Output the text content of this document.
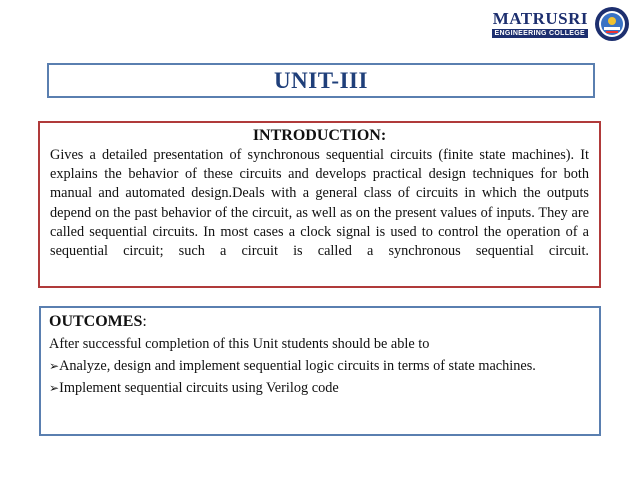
MATRUSRI
ENGINEERING COLLEGE
UNIT-III
INTRODUCTION:
Gives a detailed presentation of synchronous sequential circuits (finite state machines). It explains the behavior of these circuits and develops practical design techniques for both manual and automated design.Deals with a general class of circuits in which the outputs depend on the past behavior of the circuit, as well as on the present values of inputs. They are called sequential circuits. In most cases a clock signal is used to control the operation of a sequential circuit; such a circuit is called a synchronous sequential circuit.
OUTCOMES:
After successful completion of this Unit students should be able to
➢Analyze, design and implement sequential logic circuits in terms of state machines.
➢Implement sequential circuits using Verilog code
